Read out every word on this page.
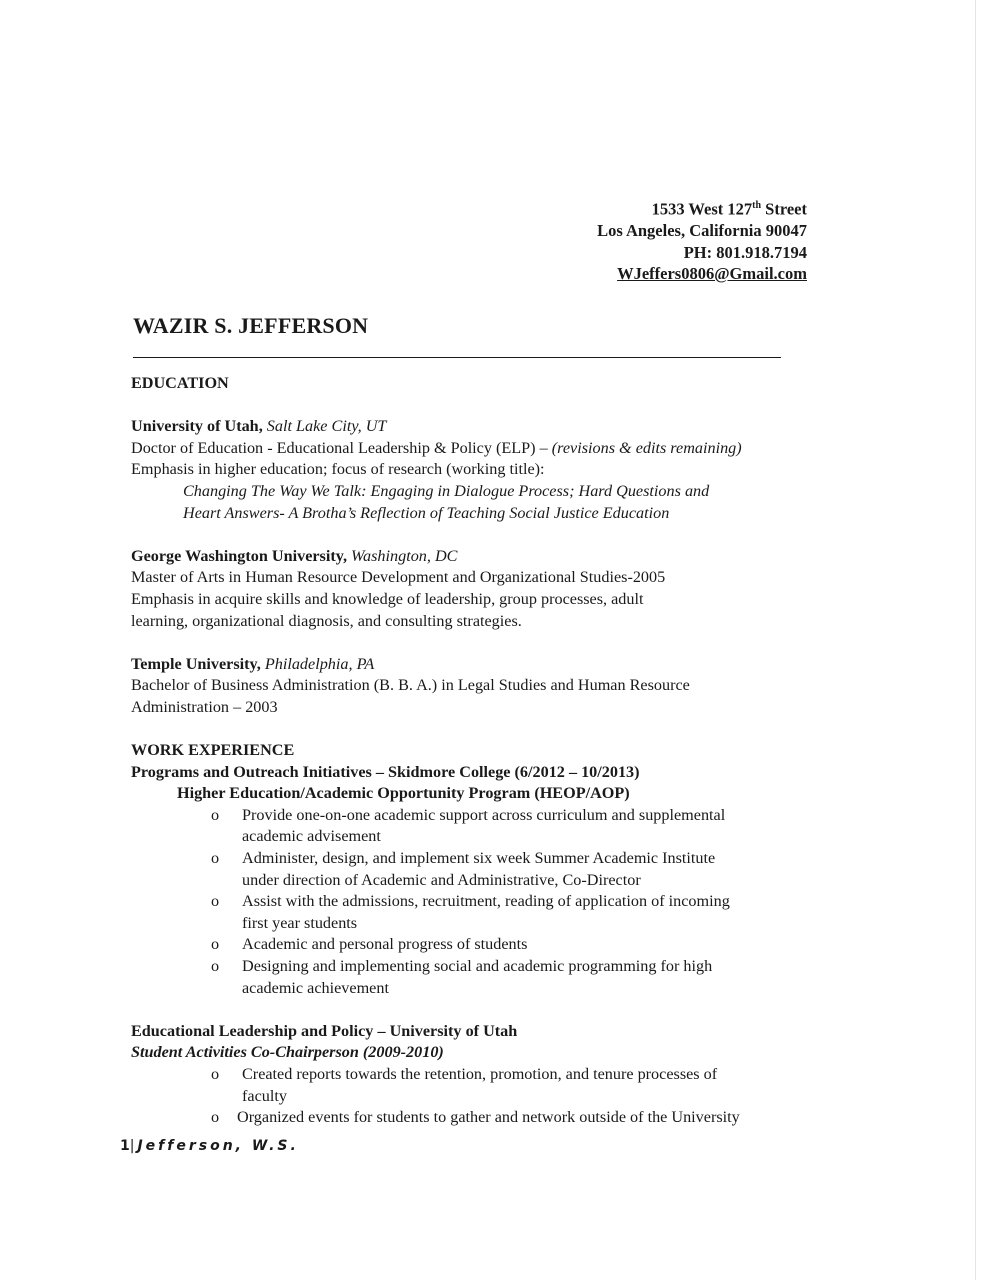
1533 West 127th Street
Los Angeles, California 90047
PH: 801.918.7194
WJeffers0806@Gmail.com
WAZIR S. JEFFERSON
EDUCATION
University of Utah, Salt Lake City, UT
Doctor of Education - Educational Leadership & Policy (ELP) – (revisions & edits remaining)
Emphasis in higher education; focus of research (working title):
Changing The Way We Talk: Engaging in Dialogue Process; Hard Questions and
Heart Answers- A Brotha’s Reflection of Teaching Social Justice Education
George Washington University, Washington, DC
Master of Arts in Human Resource Development and Organizational Studies-2005
Emphasis in acquire skills and knowledge of leadership, group processes, adult
learning, organizational diagnosis, and consulting strategies.
Temple University, Philadelphia, PA
Bachelor of Business Administration (B. B. A.) in Legal Studies and Human Resource
Administration – 2003
WORK EXPERIENCE
Programs and Outreach Initiatives – Skidmore College (6/2012 – 10/2013)
Higher Education/Academic Opportunity Program (HEOP/AOP)
o Provide one-on-one academic support across curriculum and supplemental
academic advisement
o Administer, design, and implement six week Summer Academic Institute
under direction of Academic and Administrative, Co-Director
o Assist with the admissions, recruitment, reading of application of incoming
first year students
o Academic and personal progress of students
o Designing and implementing social and academic programming for high
academic achievement
Educational Leadership and Policy – University of Utah
Student Activities Co-Chairperson (2009-2010)
o Created reports towards the retention, promotion, and tenure processes of
faculty
o Organized events for students to gather and network outside of the University
1|Jefferson, W.S.
